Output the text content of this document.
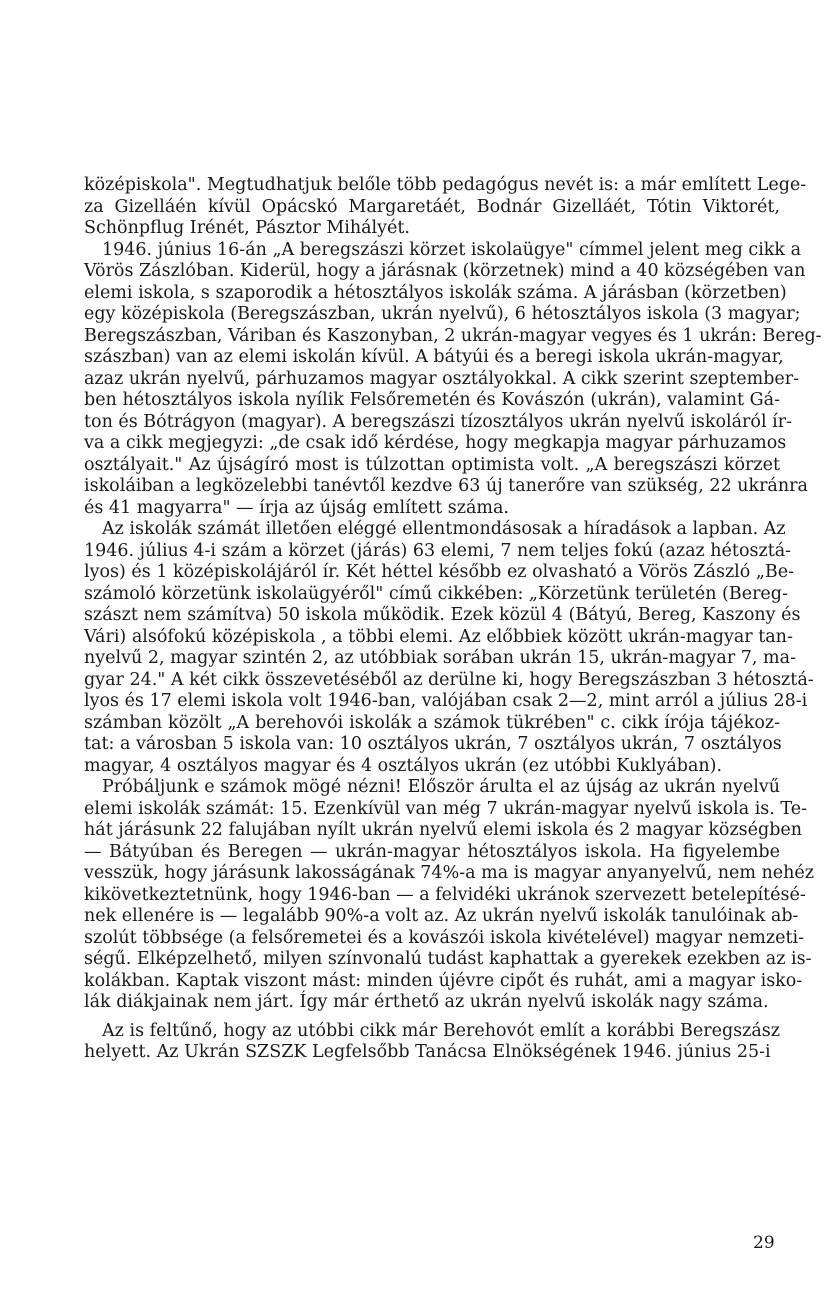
középiskola". Megtudhatjuk belőle több pedagógus nevét is: a már említett Lege-
za Gizelláén kívül Opácskó Margaretáét, Bodnár Gizelláét, Tótin Viktorét,
Schönpflug Irénét, Pásztor Mihályét.
1946. június 16-án „A beregszászi körzet iskolaügye" címmel jelent meg cikk a
Vörös Zászlóban. Kiderül, hogy a járásnak (körzetnek) mind a 40 községében van
elemi iskola, s szaporodik a hétosztályos iskolák száma. A járásban (körzetben)
egy középiskola (Beregszászban, ukrán nyelvű), 6 hétosztályos iskola (3 magyar;
Beregszászban, Váriban és Kaszonyban, 2 ukrán-magyar vegyes és 1 ukrán: Bereg-
szászban) van az elemi iskolán kívül. A bátyúi és a beregi iskola ukrán-magyar,
azaz ukrán nyelvű, párhuzamos magyar osztályokkal. A cikk szerint szeptember-
ben hétosztályos iskola nyílik Felsőremetén és Kovászón (ukrán), valamint Gá-
ton és Bótrágyon (magyar). A beregszászi tízosztályos ukrán nyelvű iskoláról ír-
va a cikk megjegyzi: „de csak idő kérdése, hogy megkapja magyar párhuzamos
osztályait." Az újságíró most is túlzottan optimista volt. „A beregszászi körzet
iskoláiban a legközelebbi tanévtől kezdve 63 új tanerőre van szükség, 22 ukránra
és 41 magyarra" — írja az újság említett száma.
Az iskolák számát illetően eléggé ellentmondásosak a híradások a lapban. Az
1946. július 4-i szám a körzet (járás) 63 elemi, 7 nem teljes fokú (azaz hétosztá-
lyos) és 1 középiskolájáról ír. Két héttel később ez olvasható a Vörös Zászló „Be-
számoló körzetünk iskolaügyéről" című cikkében: „Körzetünk területén (Bereg-
szászt nem számítva) 50 iskola működik. Ezek közül 4 (Bátyú, Bereg, Kaszony és
Vári) alsófokú középiskola , a többi elemi. Az előbbiek között ukrán-magyar tan-
nyelvű 2, magyar szintén 2, az utóbbiak sorában ukrán 15, ukrán-magyar 7, ma-
gyar 24." A két cikk összevetéséből az derülne ki, hogy Beregszászban 3 hétosztá-
lyos és 17 elemi iskola volt 1946-ban, valójában csak 2—2, mint arról a július 28-i
számban közölt „A berehovói iskolák a számok tükrében" c. cikk írója tájékoz-
tat: a városban 5 iskola van: 10 osztályos ukrán, 7 osztályos ukrán, 7 osztályos
magyar, 4 osztályos magyar és 4 osztályos ukrán (ez utóbbi Kuklyában).
Próbáljunk e számok mögé nézni! Először árulta el az újság az ukrán nyelvű
elemi iskolák számát: 15. Ezenkívül van még 7 ukrán-magyar nyelvű iskola is. Te-
hát járásunk 22 falujában nyílt ukrán nyelvű elemi iskola és 2 magyar községben
— Bátyúban és Beregen — ukrán-magyar hétosztályos iskola. Ha figyelembe
vesszük, hogy járásunk lakosságának 74%-a ma is magyar anyanyelvű, nem nehéz
kikövetkeztetnünk, hogy 1946-ban — a felvidéki ukránok szervezett betelepítésé-
nek ellenére is — legalább 90%-a volt az. Az ukrán nyelvű iskolák tanulóinak ab-
szolút többsége (a felsőremetei és a kovászói iskola kivételével) magyar nemzeti-
ségű. Elképzelhető, milyen színvonalú tudást kaphattak a gyerekek ezekben az is-
kolákban. Kaptak viszont mást: minden újévre cipőt és ruhát, ami a magyar isko-
lák diákjainak nem járt. Így már érthető az ukrán nyelvű iskolák nagy száma.
Az is feltűnő, hogy az utóbbi cikk már Berehovót említ a korábbi Beregszász
helyett. Az Ukrán SZSZK Legfelsőbb Tanácsa Elnökségének 1946. június 25-i
29
